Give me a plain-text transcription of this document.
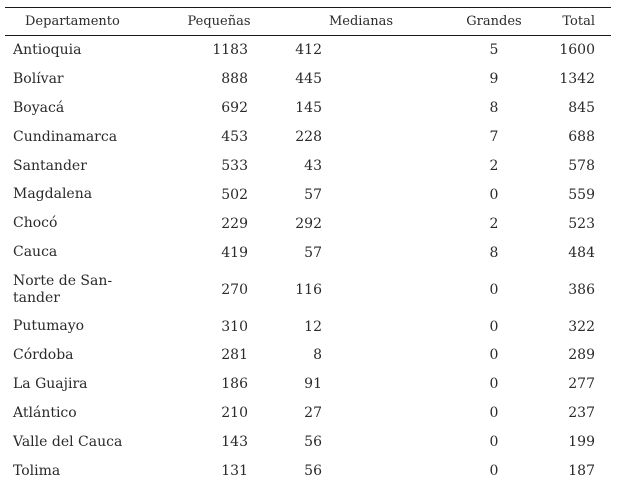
Departamento	Pequeñas	Medianas	Grandes	Total
Antioquia	1183	412	5	1600
Bolívar	888	445	9	1342
Boyacá	692	145	8	845
Cundinamarca	453	228	7	688
Santander	533	43	2	578
Magdalena	502	57	0	559
Chocó	229	292	2	523
Cauca	419	57	8	484
Norte de San-
tander	270	116	0	386
Putumayo	310	12	0	322
Córdoba	281	8	0	289
La Guajira	186	91	0	277
Atlántico	210	27	0	237
Valle del Cauca	143	56	0	199
Tolima	131	56	0	187
